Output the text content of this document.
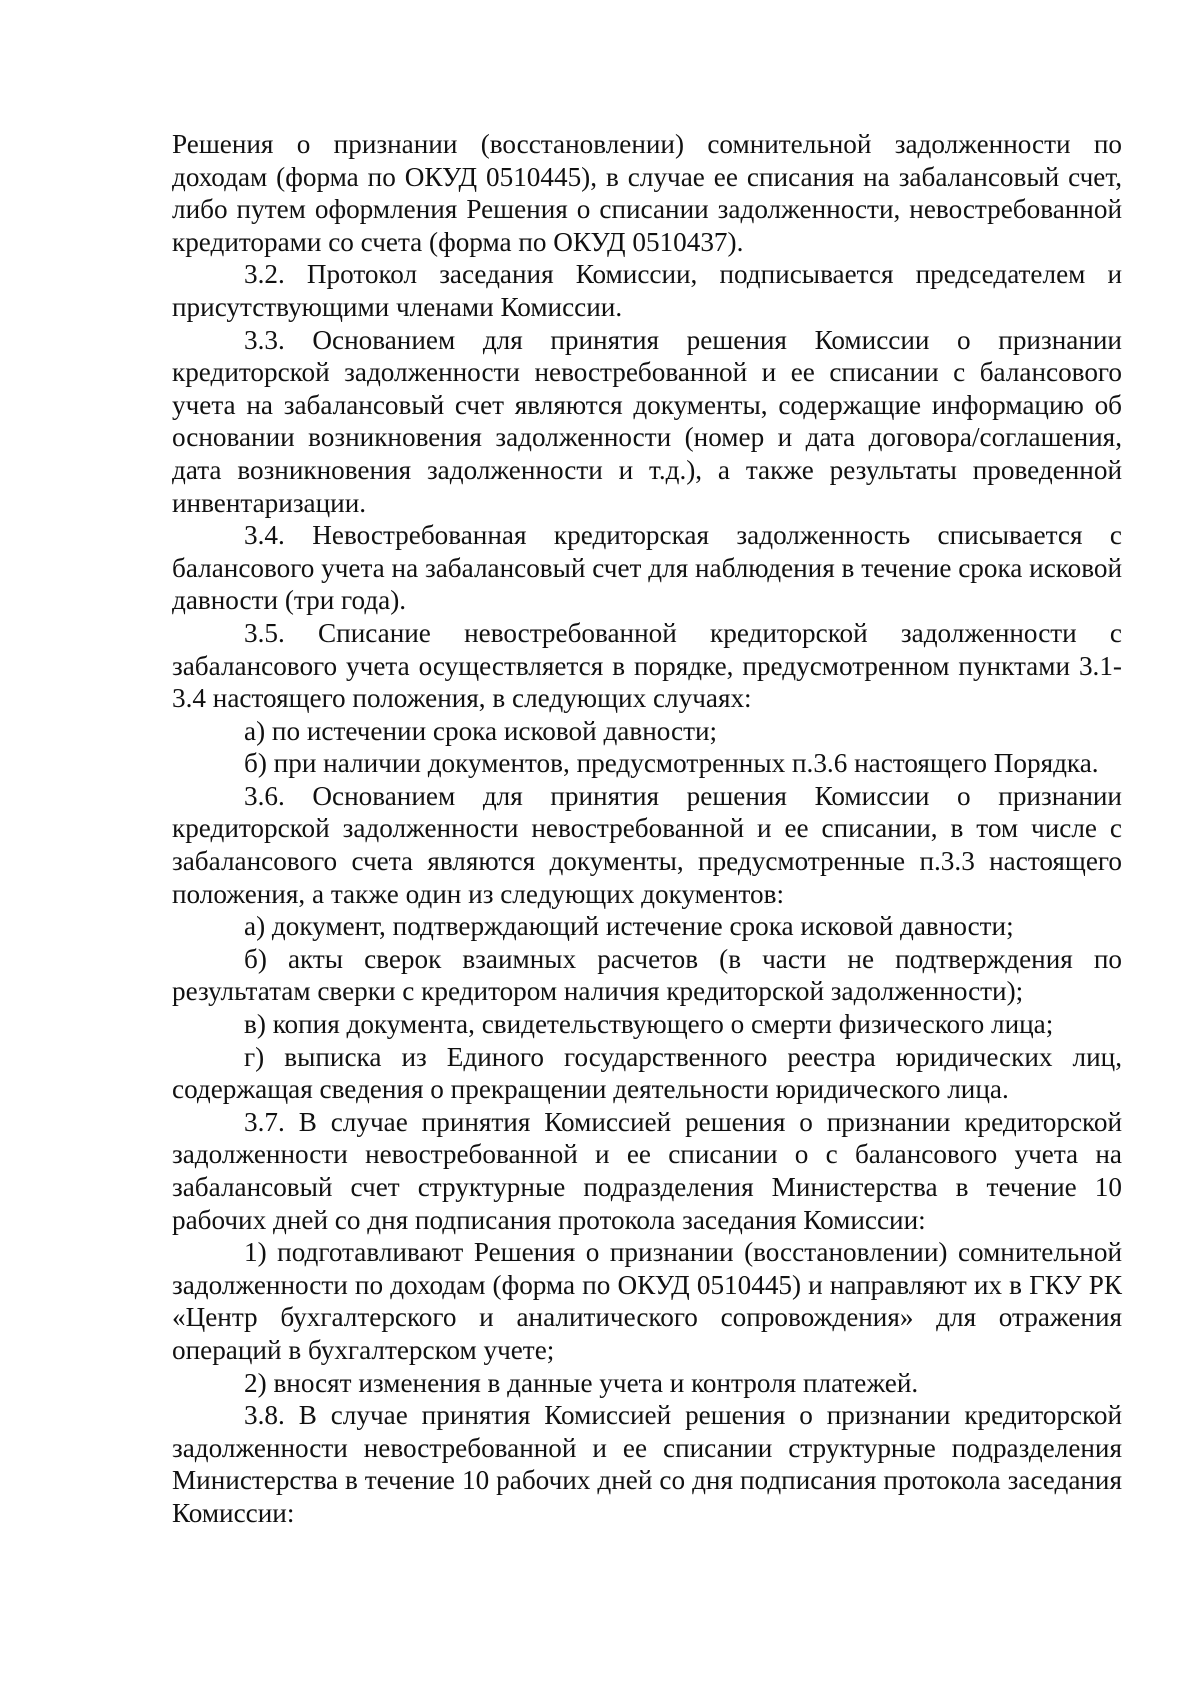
Решения о признании (восстановлении) сомнительной задолженности по доходам (форма по ОКУД 0510445), в случае ее списания на забалансовый счет, либо путем оформления Решения о списании задолженности, невостребованной кредиторами со счета (форма по ОКУД 0510437).

3.2. Протокол заседания Комиссии, подписывается председателем и присутствующими членами Комиссии.

3.3. Основанием для принятия решения Комиссии о признании кредиторской задолженности невостребованной и ее списании с балансового учета на забалансовый счет являются документы, содержащие информацию об основании возникновения задолженности (номер и дата договора/соглашения, дата возникновения задолженности и т.д.), а также результаты проведенной инвентаризации.

3.4. Невостребованная кредиторская задолженность списывается с балансового учета на забалансовый счет для наблюдения в течение срока исковой давности (три года).

3.5. Списание невостребованной кредиторской задолженности с забалансового учета осуществляется в порядке, предусмотренном пунктами 3.1- 3.4 настоящего положения, в следующих случаях:

а) по истечении срока исковой давности;

б) при наличии документов, предусмотренных п.3.6 настоящего Порядка.

3.6. Основанием для принятия решения Комиссии о признании кредиторской задолженности невостребованной и ее списании, в том числе с забалансового счета являются документы, предусмотренные п.3.3 настоящего положения, а также один из следующих документов:

а) документ, подтверждающий истечение срока исковой давности;

б) акты сверок взаимных расчетов (в части не подтверждения по результатам сверки с кредитором наличия кредиторской задолженности);

в) копия документа, свидетельствующего о смерти физического лица;

г) выписка из Единого государственного реестра юридических лиц, содержащая сведения о прекращении деятельности юридического лица.

3.7. В случае принятия Комиссией решения о признании кредиторской задолженности невостребованной и ее списании о с балансового учета на забалансовый счет структурные подразделения Министерства в течение 10 рабочих дней со дня подписания протокола заседания Комиссии:

1) подготавливают Решения о признании (восстановлении) сомнительной задолженности по доходам (форма по ОКУД 0510445) и направляют их в ГКУ РК «Центр бухгалтерского и аналитического сопровождения» для отражения операций в бухгалтерском учете;

2) вносят изменения в данные учета и контроля платежей.

3.8. В случае принятия Комиссией решения о признании кредиторской задолженности невостребованной и ее списании структурные подразделения Министерства в течение 10 рабочих дней со дня подписания протокола заседания Комиссии:
